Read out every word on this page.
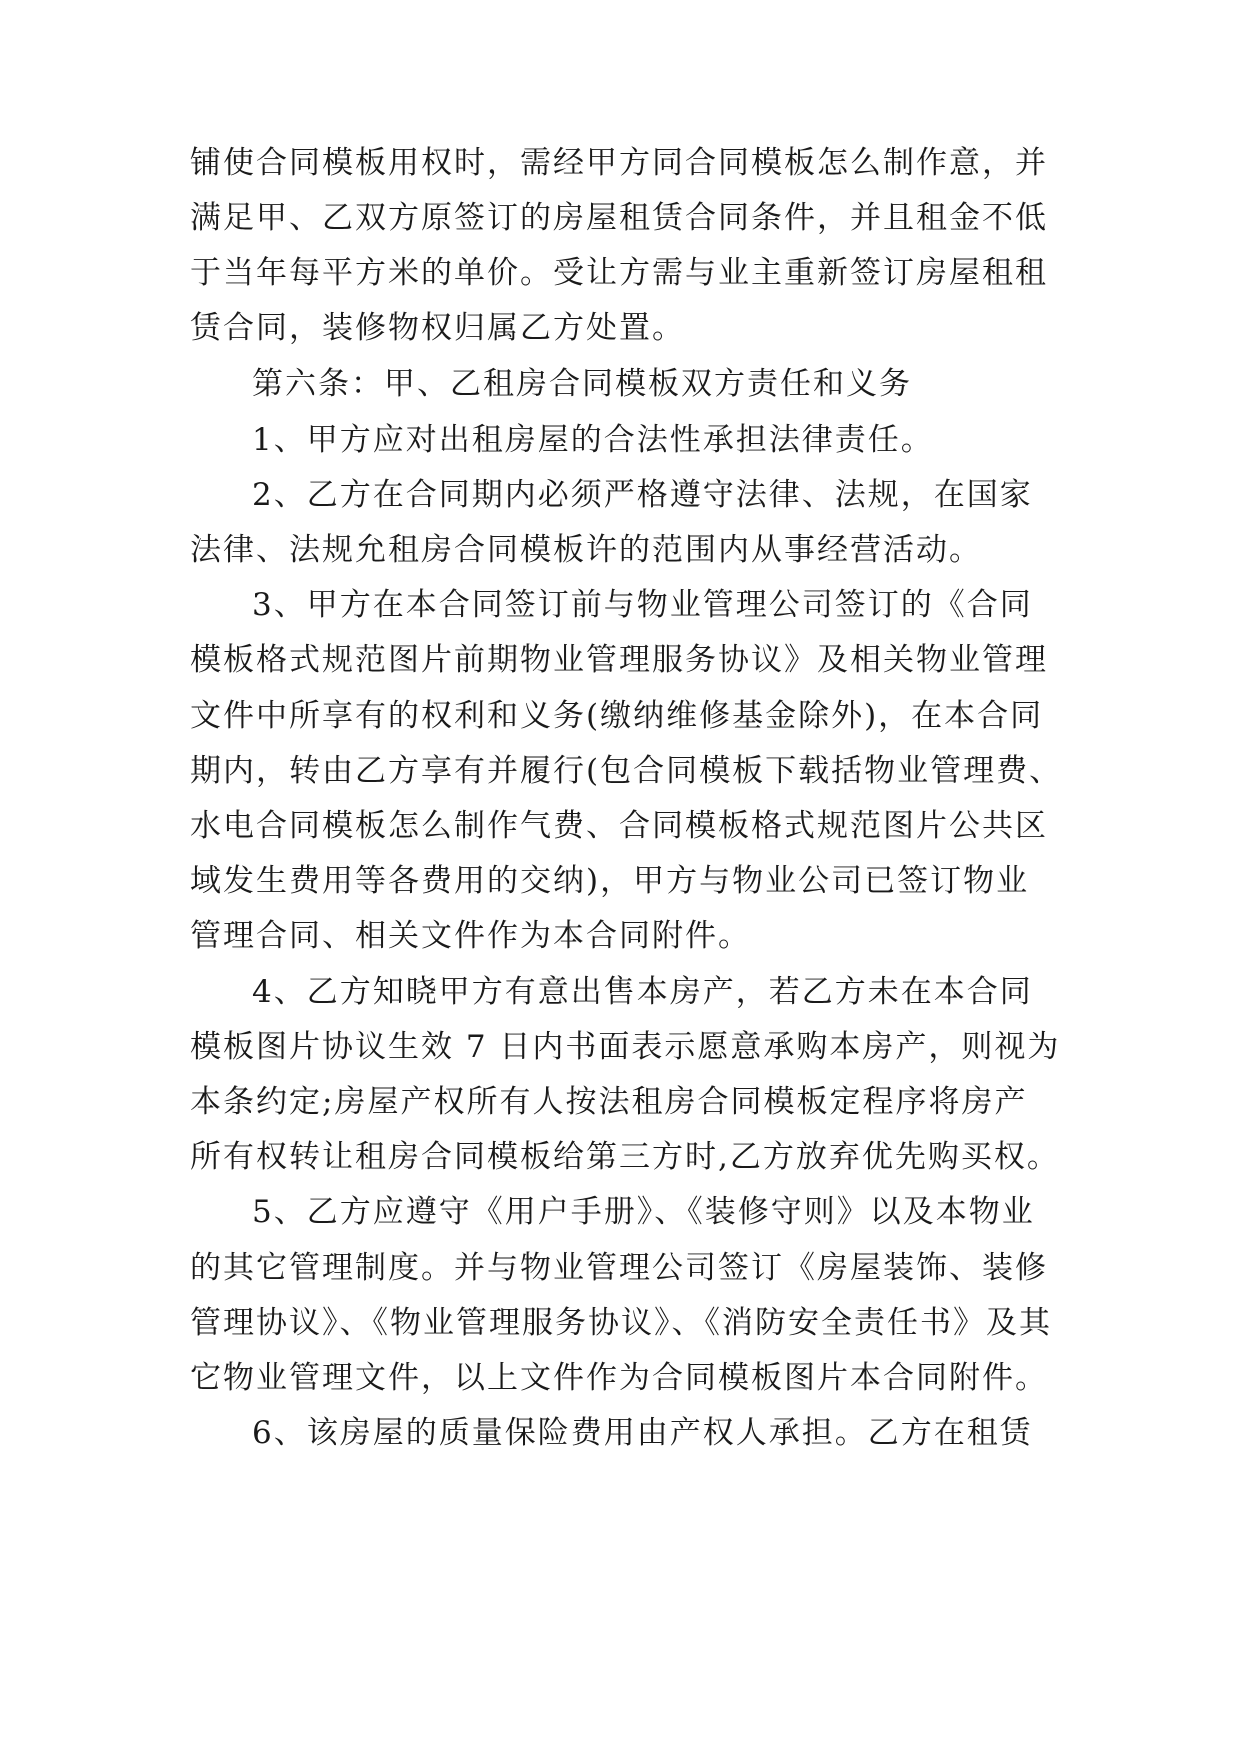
铺使合同模板用权时，需经甲方同合同模板怎么制作意，并
满足甲、乙双方原签订的房屋租赁合同条件，并且租金不低
于当年每平方米的单价。受让方需与业主重新签订房屋租租
赁合同，装修物权归属乙方处置。
第六条：甲、乙租房合同模板双方责任和义务
1、甲方应对出租房屋的合法性承担法律责任。
2、乙方在合同期内必须严格遵守法律、法规，在国家
法律、法规允租房合同模板许的范围内从事经营活动。
3、甲方在本合同签订前与物业管理公司签订的《合同
模板格式规范图片前期物业管理服务协议》及相关物业管理
文件中所享有的权利和义务(缴纳维修基金除外)，在本合同
期内，转由乙方享有并履行(包合同模板下载括物业管理费、
水电合同模板怎么制作气费、合同模板格式规范图片公共区
域发生费用等各费用的交纳)，甲方与物业公司已签订物业
管理合同、相关文件作为本合同附件。
4、乙方知晓甲方有意出售本房产，若乙方未在本合同
模板图片协议生效 7 日内书面表示愿意承购本房产，则视为
本条约定;房屋产权所有人按法租房合同模板定程序将房产
所有权转让租房合同模板给第三方时,乙方放弃优先购买权。
5、乙方应遵守《用户手册》、《装修守则》以及本物业
的其它管理制度。并与物业管理公司签订《房屋装饰、装修
管理协议》、《物业管理服务协议》、《消防安全责任书》及其
它物业管理文件，以上文件作为合同模板图片本合同附件。
6、该房屋的质量保险费用由产权人承担。乙方在租赁
